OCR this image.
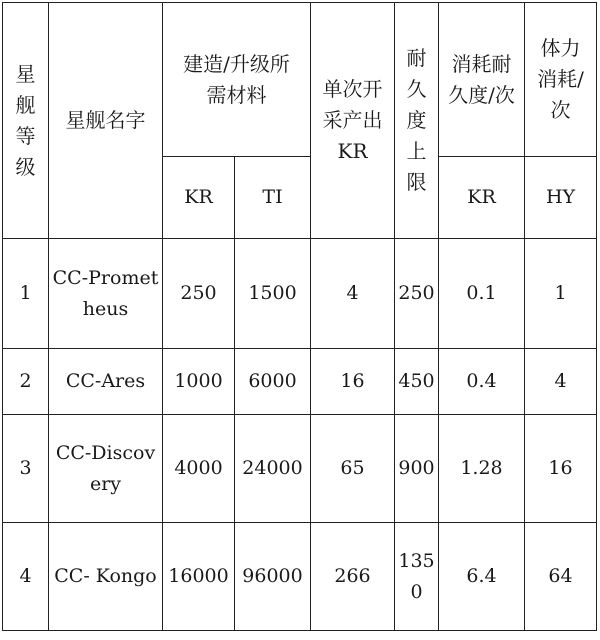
星舰等级	星舰名字	建造/升级所需材料		单次开采产出KR	耐久度上限	消耗耐久度/次	体力消耗/次
		KR	TI			KR	HY
1	CC-Prometheus	250	1500	4	250	0.1	1
2	CC-Ares	1000	6000	16	450	0.4	4
3	CC-Discovery	4000	24000	65	900	1.28	16
4	CC- Kongo	16000	96000	266	1350	6.4	64
